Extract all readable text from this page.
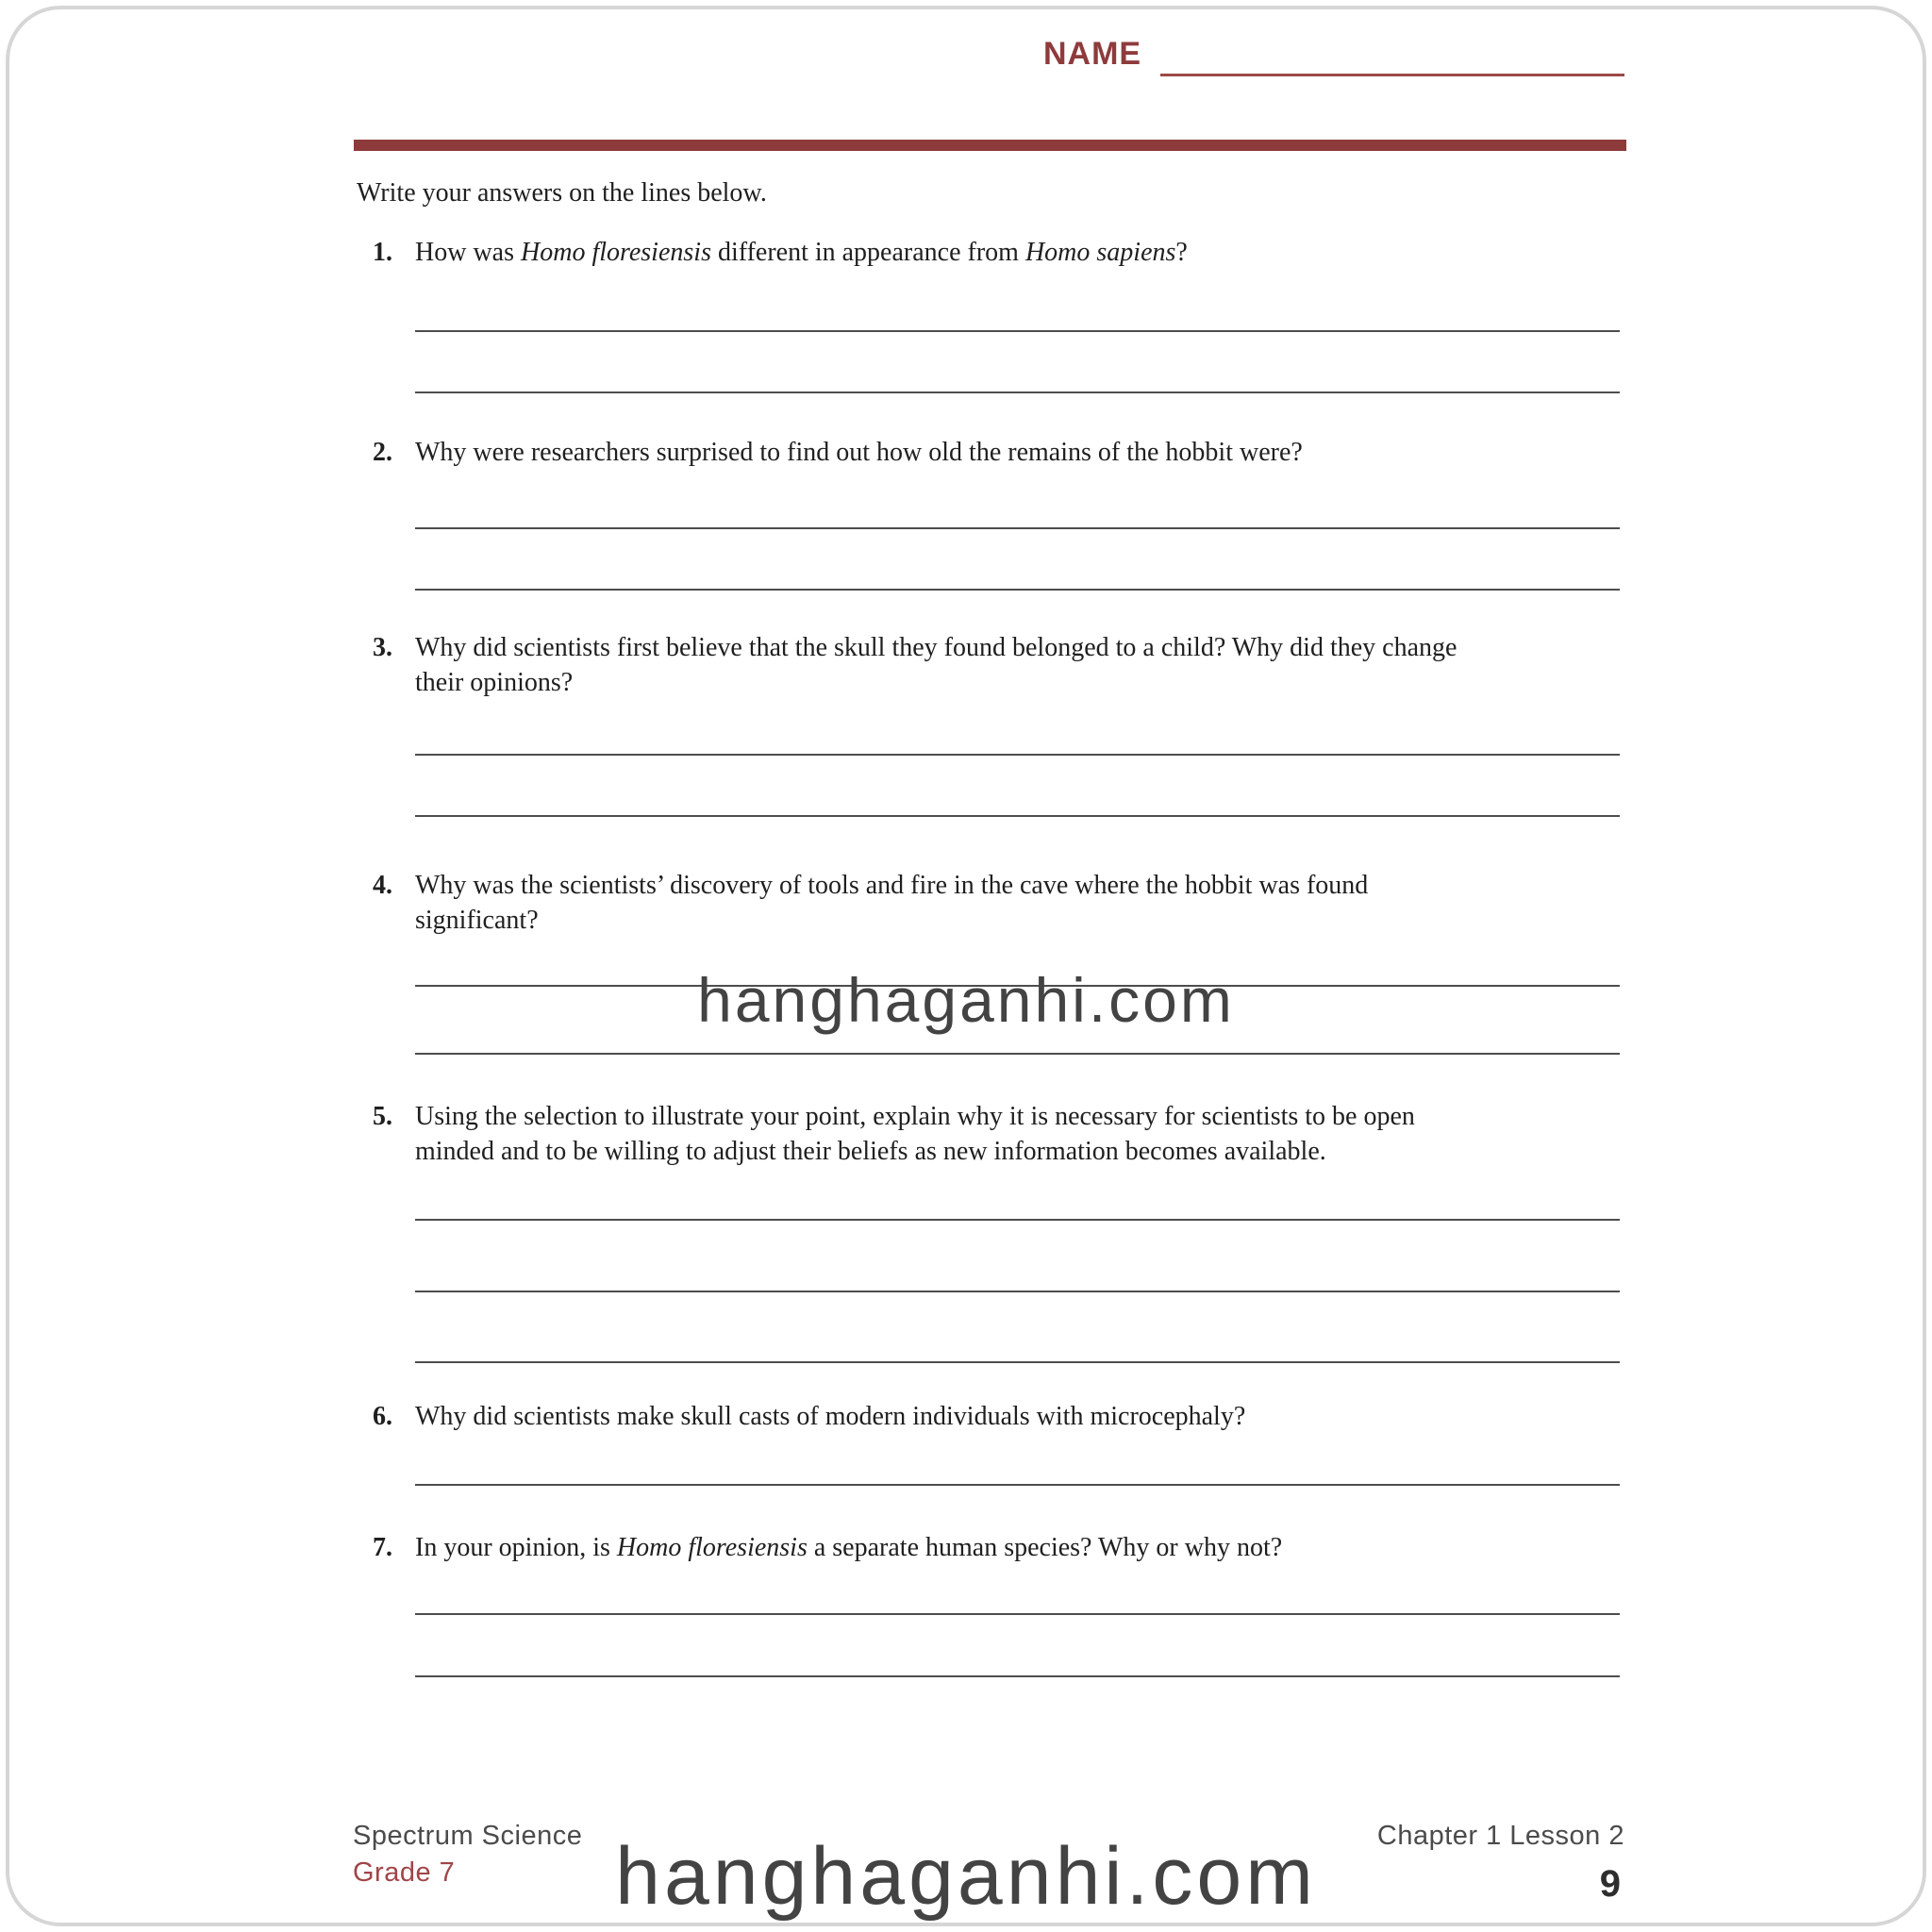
NAME
Write your answers on the lines below.
1. How was Homo floresiensis different in appearance from Homo sapiens?
2. Why were researchers surprised to find out how old the remains of the hobbit were?
3. Why did scientists first believe that the skull they found belonged to a child? Why did they change
their opinions?
4. Why was the scientists’ discovery of tools and fire in the cave where the hobbit was found
significant?
hanghaganhi.com
5. Using the selection to illustrate your point, explain why it is necessary for scientists to be open
minded and to be willing to adjust their beliefs as new information becomes available.
6. Why did scientists make skull casts of modern individuals with microcephaly?
7. In your opinion, is Homo floresiensis a separate human species? Why or why not?
Spectrum Science
Grade 7
Chapter 1 Lesson 2
9
hanghaganhi.com
